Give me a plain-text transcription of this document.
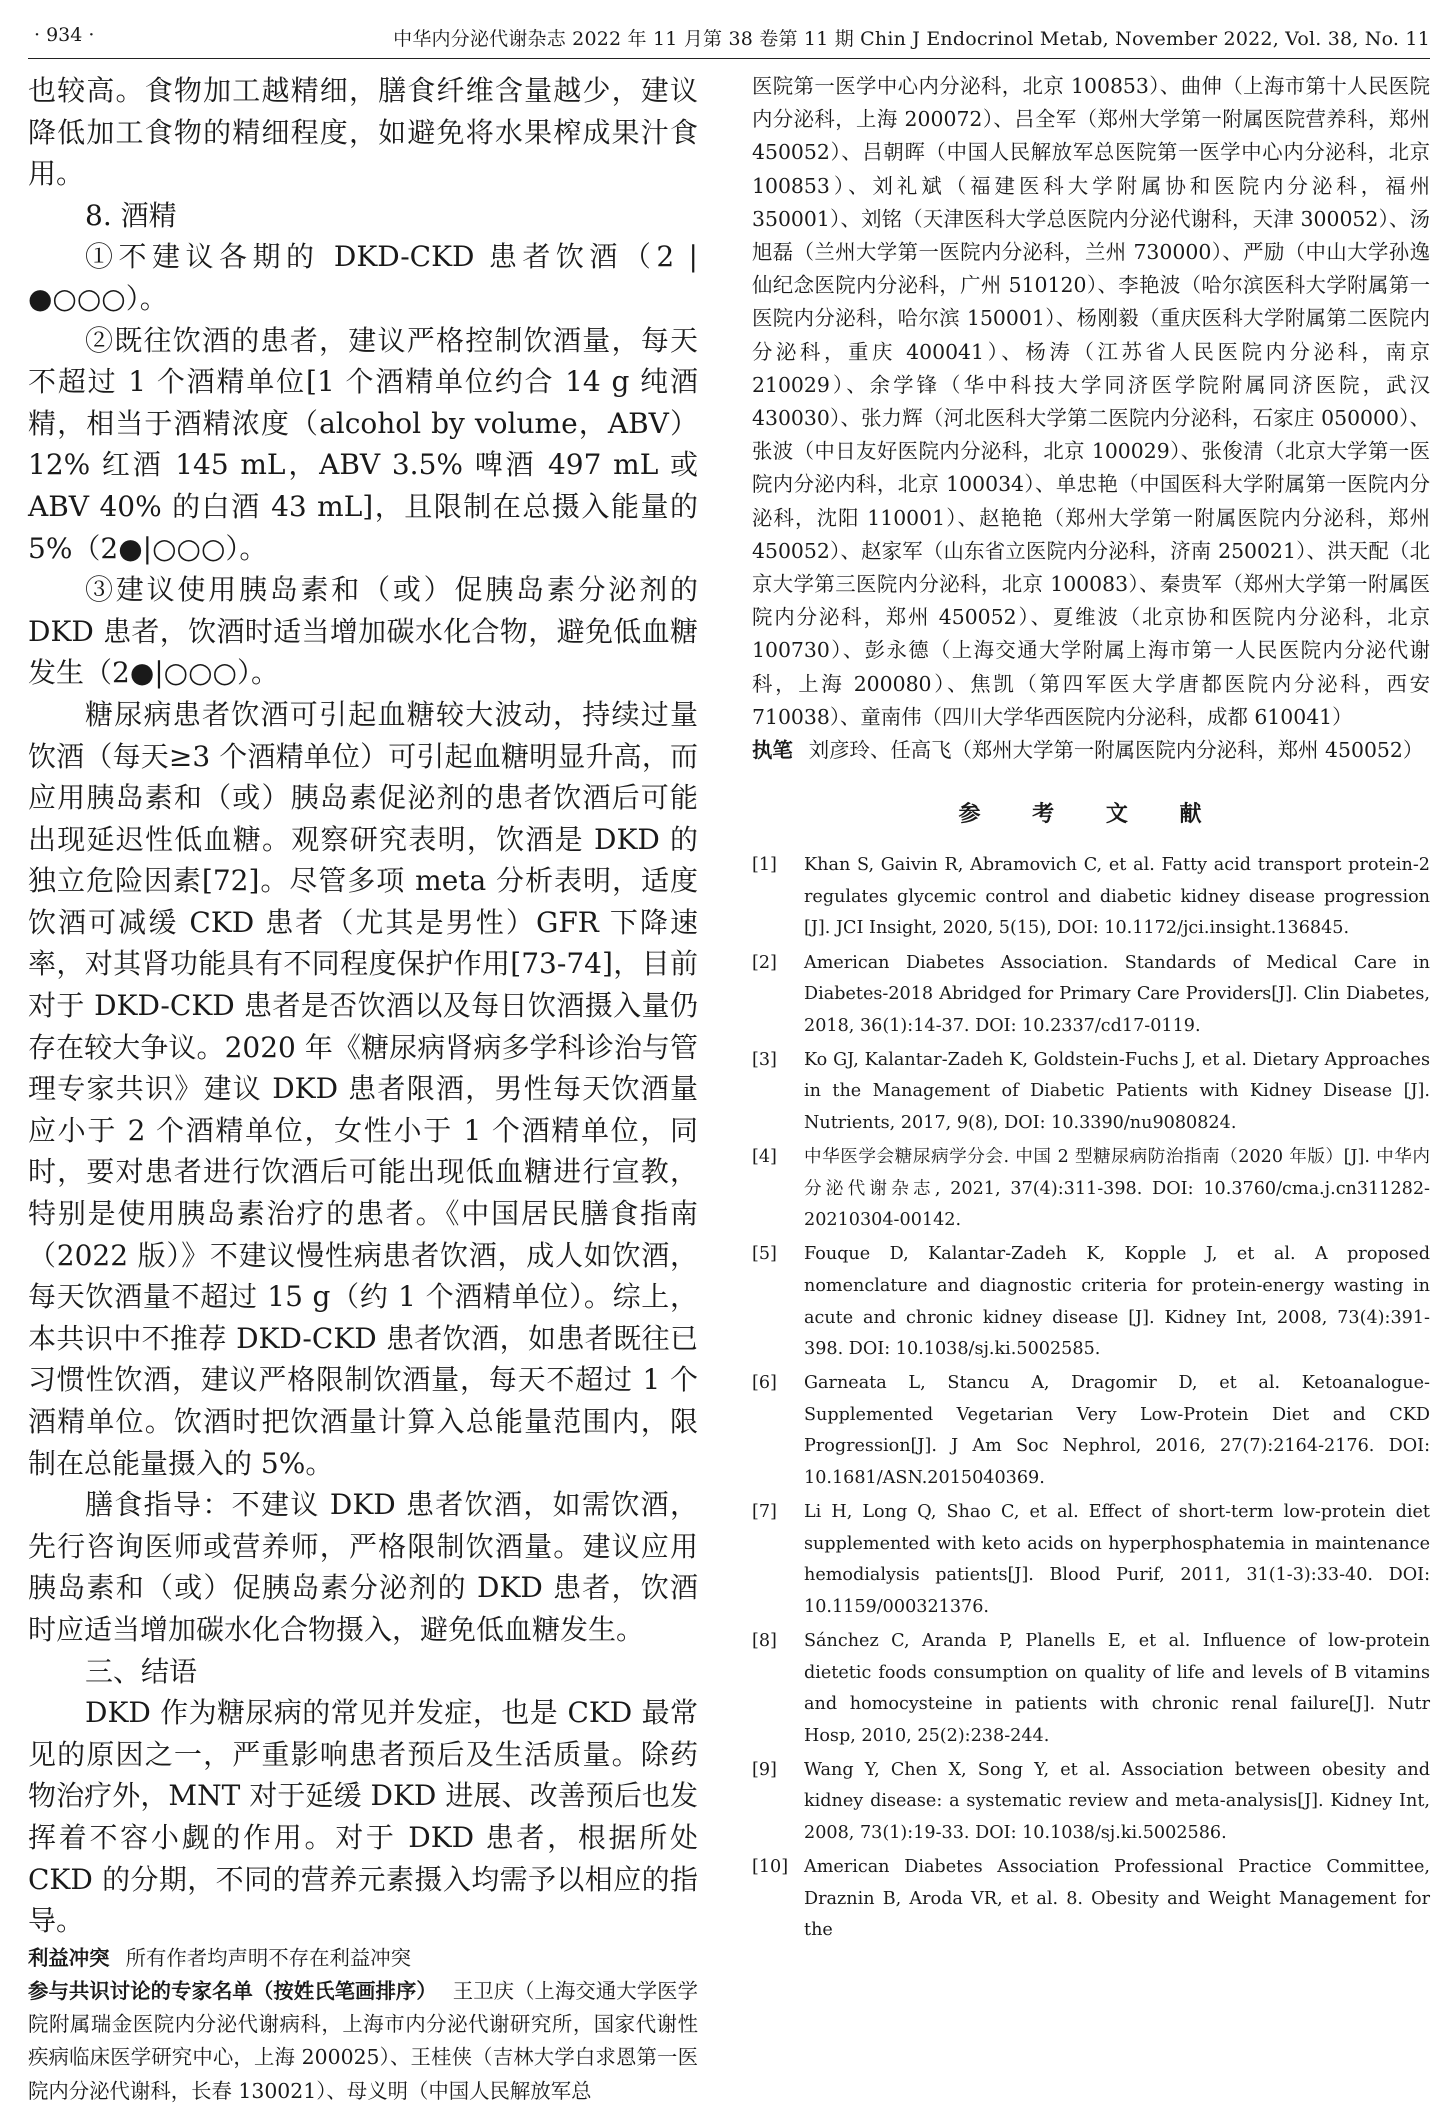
· 934 ·	中华内分泌代谢杂志 2022 年 11 月第 38 卷第 11 期 Chin J Endocrinol Metab, November 2022, Vol. 38, No. 11

也较高。食物加工越精细，膳食纤维含量越少，建议降低加工食物的精细程度，如避免将水果榨成果汁食用。

8. 酒精

①不建议各期的 DKD-CKD 患者饮酒（2 | ●○○○）。

②既往饮酒的患者，建议严格控制饮酒量，每天不超过 1 个酒精单位[1 个酒精单位约合 14 g 纯酒精，相当于酒精浓度（alcohol by volume，ABV）12% 红酒 145 mL，ABV 3.5% 啤酒 497 mL 或 ABV 40% 的白酒 43 mL]，且限制在总摄入能量的 5%（2●|○○○）。

③建议使用胰岛素和（或）促胰岛素分泌剂的 DKD 患者，饮酒时适当增加碳水化合物，避免低血糖发生（2●|○○○）。

糖尿病患者饮酒可引起血糖较大波动，持续过量饮酒（每天≥3 个酒精单位）可引起血糖明显升高，而应用胰岛素和（或）胰岛素促泌剂的患者饮酒后可能出现延迟性低血糖。观察研究表明，饮酒是 DKD 的独立危险因素[72]。尽管多项 meta 分析表明，适度饮酒可减缓 CKD 患者（尤其是男性）GFR 下降速率，对其肾功能具有不同程度保护作用[73-74]，目前对于 DKD-CKD 患者是否饮酒以及每日饮酒摄入量仍存在较大争议。2020 年《糖尿病肾病多学科诊治与管理专家共识》建议 DKD 患者限酒，男性每天饮酒量应小于 2 个酒精单位，女性小于 1 个酒精单位，同时，要对患者进行饮酒后可能出现低血糖进行宣教，特别是使用胰岛素治疗的患者。《中国居民膳食指南（2022 版）》不建议慢性病患者饮酒，成人如饮酒，每天饮酒量不超过 15 g（约 1 个酒精单位）。综上，本共识中不推荐 DKD-CKD 患者饮酒，如患者既往已习惯性饮酒，建议严格限制饮酒量，每天不超过 1 个酒精单位。饮酒时把饮酒量计算入总能量范围内，限制在总能量摄入的 5%。

膳食指导：不建议 DKD 患者饮酒，如需饮酒，先行咨询医师或营养师，严格限制饮酒量。建议应用胰岛素和（或）促胰岛素分泌剂的 DKD 患者，饮酒时应适当增加碳水化合物摄入，避免低血糖发生。

三、结语

DKD 作为糖尿病的常见并发症，也是 CKD 最常见的原因之一，严重影响患者预后及生活质量。除药物治疗外，MNT 对于延缓 DKD 进展、改善预后也发挥着不容小觑的作用。对于 DKD 患者，根据所处 CKD 的分期，不同的营养元素摄入均需予以相应的指导。

利益冲突 所有作者均声明不存在利益冲突

参与共识讨论的专家名单（按姓氏笔画排序） 王卫庆（上海交通大学医学院附属瑞金医院内分泌代谢病科，上海市内分泌代谢研究所，国家代谢性疾病临床医学研究中心，上海 200025）、王桂侠（吉林大学白求恩第一医院内分泌代谢科，长春 130021）、母义明（中国人民解放军总

医院第一医学中心内分泌科，北京 100853）、曲伸（上海市第十人民医院内分泌科，上海 200072）、吕全军（郑州大学第一附属医院营养科，郑州 450052）、吕朝晖（中国人民解放军总医院第一医学中心内分泌科，北京 100853）、刘礼斌（福建医科大学附属协和医院内分泌科，福州 350001）、刘铭（天津医科大学总医院内分泌代谢科，天津 300052）、汤旭磊（兰州大学第一医院内分泌科，兰州 730000）、严励（中山大学孙逸仙纪念医院内分泌科，广州 510120）、李艳波（哈尔滨医科大学附属第一医院内分泌科，哈尔滨 150001）、杨刚毅（重庆医科大学附属第二医院内分泌科，重庆 400041）、杨涛（江苏省人民医院内分泌科，南京 210029）、余学锋（华中科技大学同济医学院附属同济医院，武汉 430030）、张力辉（河北医科大学第二医院内分泌科，石家庄 050000）、张波（中日友好医院内分泌科，北京 100029）、张俊清（北京大学第一医院内分泌内科，北京 100034）、单忠艳（中国医科大学附属第一医院内分泌科，沈阳 110001）、赵艳艳（郑州大学第一附属医院内分泌科，郑州 450052）、赵家军（山东省立医院内分泌科，济南 250021）、洪天配（北京大学第三医院内分泌科，北京 100083）、秦贵军（郑州大学第一附属医院内分泌科，郑州 450052）、夏维波（北京协和医院内分泌科，北京 100730）、彭永德（上海交通大学附属上海市第一人民医院内分泌代谢科，上海 200080）、焦凯（第四军医大学唐都医院内分泌科，西安 710038）、童南伟（四川大学华西医院内分泌科，成都 610041）

执笔 刘彦玲、任高飞（郑州大学第一附属医院内分泌科，郑州 450052）

参 考 文 献
[1]	Khan S, Gaivin R, Abramovich C, et al. Fatty acid transport protein-2 regulates glycemic control and diabetic kidney disease progression [J]. JCI Insight, 2020, 5(15), DOI: 10.1172/jci.insight.136845.
[2]	American Diabetes Association. Standards of Medical Care in Diabetes-2018 Abridged for Primary Care Providers[J]. Clin Diabetes, 2018, 36(1):14-37. DOI: 10.2337/cd17-0119.
[3]	Ko GJ, Kalantar-Zadeh K, Goldstein-Fuchs J, et al. Dietary Approaches in the Management of Diabetic Patients with Kidney Disease [J]. Nutrients, 2017, 9(8), DOI: 10.3390/nu9080824.
[4]	中华医学会糖尿病学分会. 中国 2 型糖尿病防治指南（2020 年版）[J]. 中华内分泌代谢杂志, 2021, 37(4):311-398. DOI: 10.3760/cma.j.cn311282-20210304-00142.
[5]	Fouque D, Kalantar-Zadeh K, Kopple J, et al. A proposed nomenclature and diagnostic criteria for protein-energy wasting in acute and chronic kidney disease [J]. Kidney Int, 2008, 73(4):391-398. DOI: 10.1038/sj.ki.5002585.
[6]	Garneata L, Stancu A, Dragomir D, et al. Ketoanalogue-Supplemented Vegetarian Very Low-Protein Diet and CKD Progression[J]. J Am Soc Nephrol, 2016, 27(7):2164-2176. DOI: 10.1681/ASN.2015040369.
[7]	Li H, Long Q, Shao C, et al. Effect of short-term low-protein diet supplemented with keto acids on hyperphosphatemia in maintenance hemodialysis patients[J]. Blood Purif, 2011, 31(1-3):33-40. DOI: 10.1159/000321376.
[8]	Sánchez C, Aranda P, Planells E, et al. Influence of low-protein dietetic foods consumption on quality of life and levels of B vitamins and homocysteine in patients with chronic renal failure[J]. Nutr Hosp, 2010, 25(2):238-244.
[9]	Wang Y, Chen X, Song Y, et al. Association between obesity and kidney disease: a systematic review and meta-analysis[J]. Kidney Int, 2008, 73(1):19-33. DOI: 10.1038/sj.ki.5002586.
[10] American Diabetes Association Professional Practice Committee, Draznin B, Aroda VR, et al. 8. Obesity and Weight Management for the
